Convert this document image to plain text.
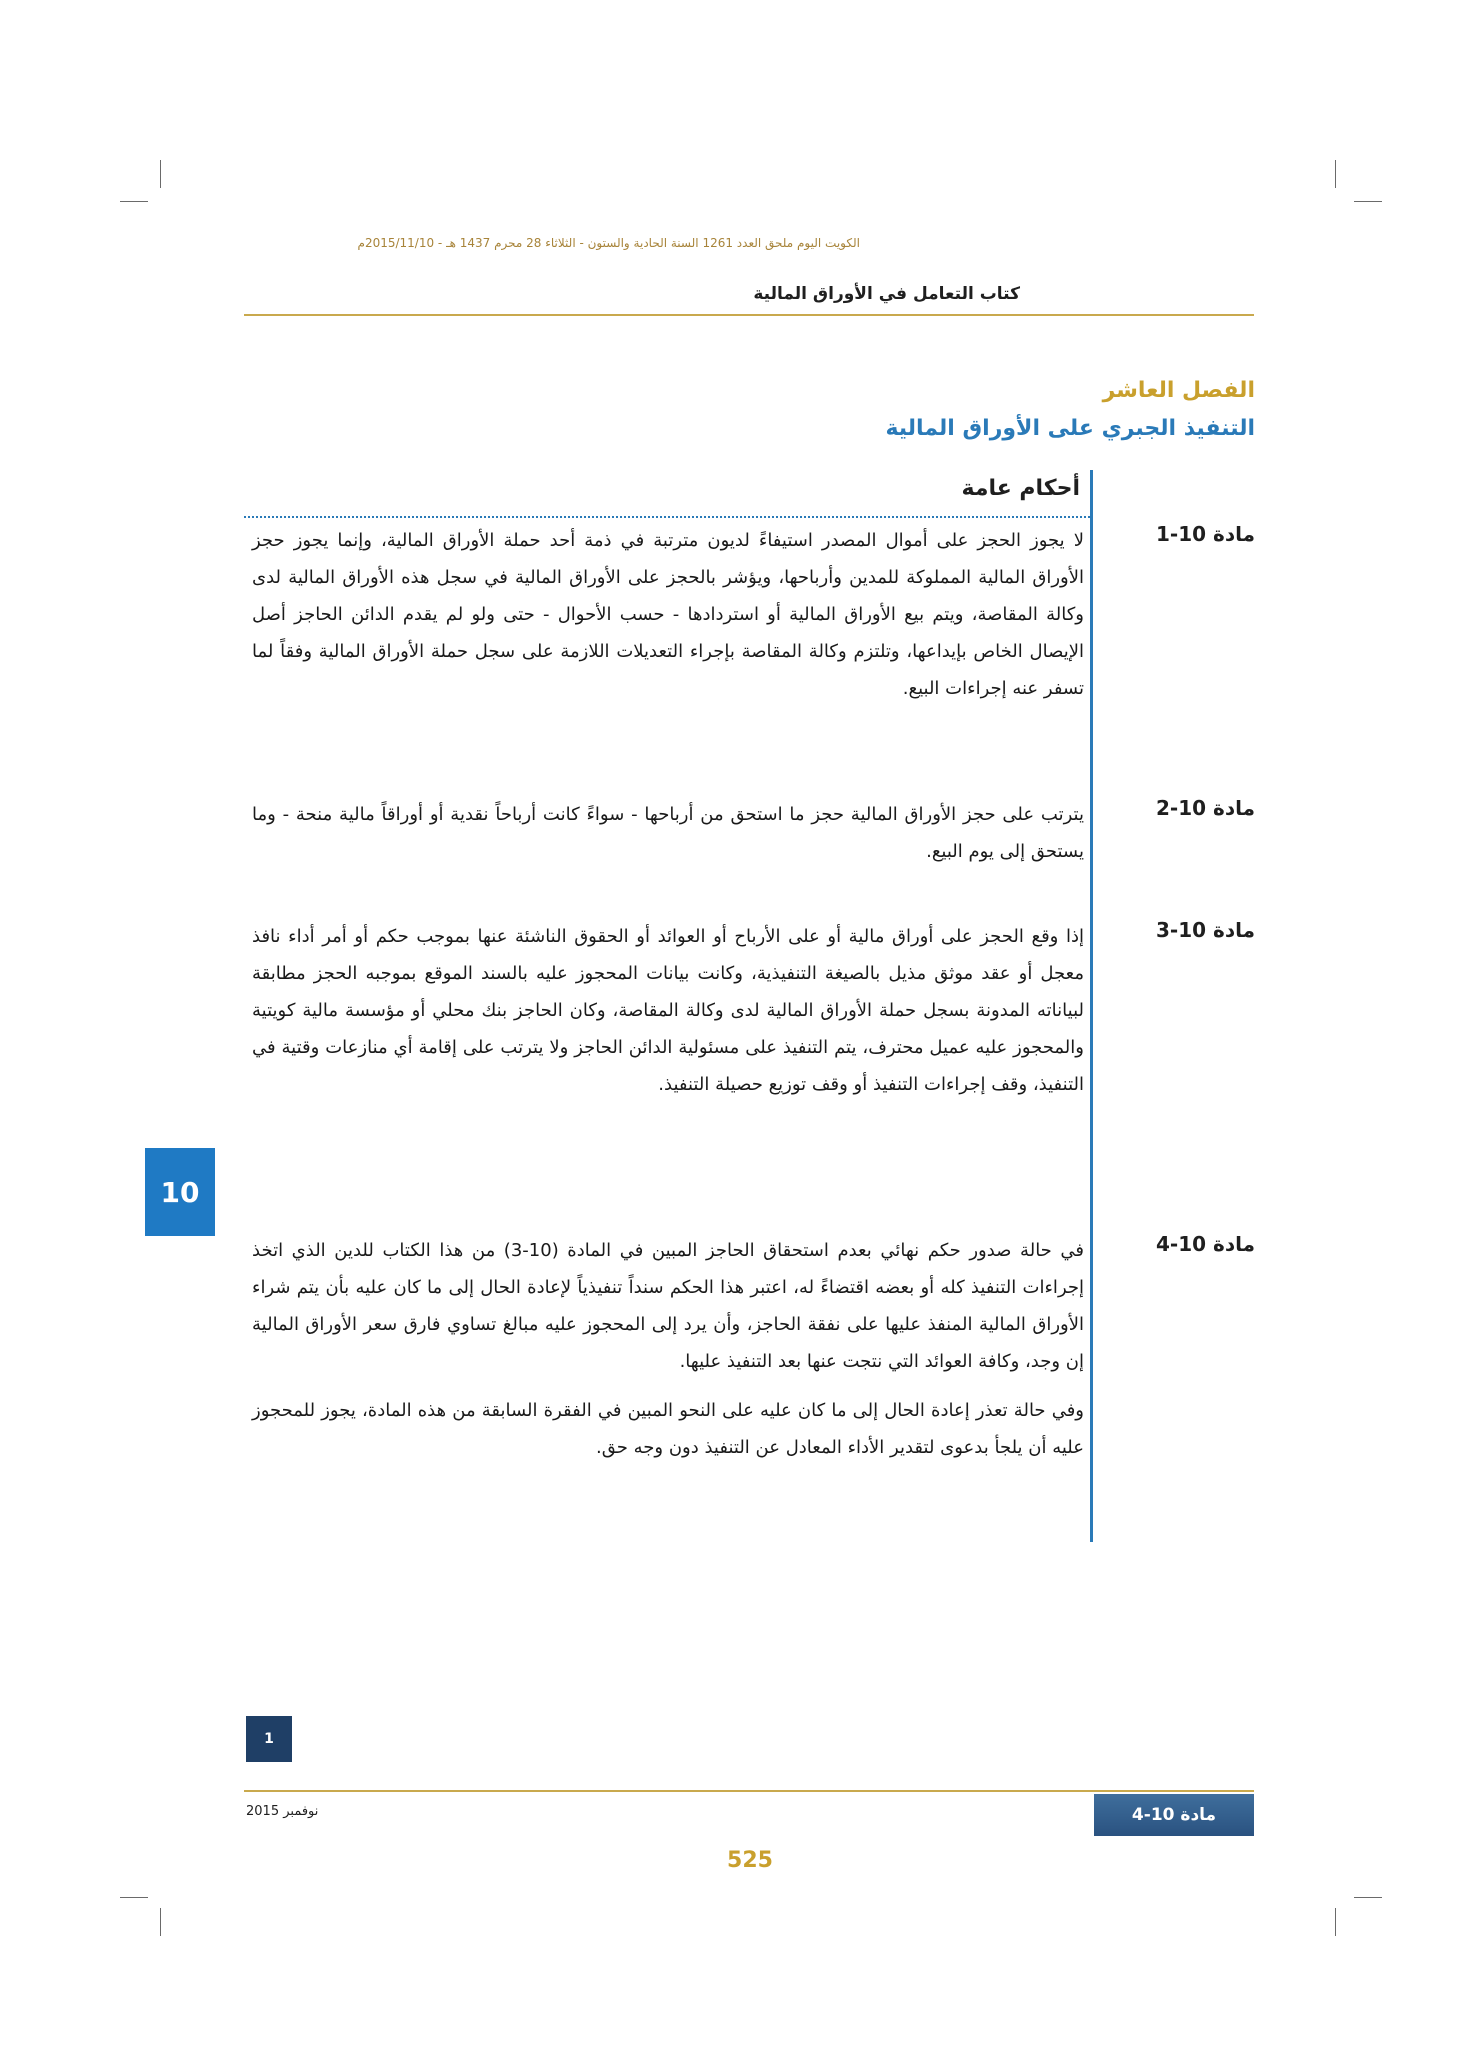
الكويت اليوم ملحق العدد 1261 السنة الحادية والستون - الثلاثاء 28 محرم 1437 هـ - 2015/11/10م
كتاب التعامل في الأوراق المالية
الفصل العاشر
التنفيذ الجبري على الأوراق المالية
أحكام عامة
مادة 10-1

لا يجوز الحجز على أموال المصدر استيفاءً لديون مترتبة في ذمة أحد حملة الأوراق المالية، وإنما يجوز حجز الأوراق المالية المملوكة للمدين وأرباحها، ويؤشر بالحجز على الأوراق المالية في سجل هذه الأوراق المالية لدى وكالة المقاصة، ويتم بيع الأوراق المالية أو استردادها - حسب الأحوال - حتى ولو لم يقدم الدائن الحاجز أصل الإيصال الخاص بإيداعها، وتلتزم وكالة المقاصة بإجراء التعديلات اللازمة على سجل حملة الأوراق المالية وفقاً لما تسفر عنه إجراءات البيع.

مادة 10-2

يترتب على حجز الأوراق المالية حجز ما استحق من أرباحها - سواءً كانت أرباحاً نقدية أو أوراقاً مالية منحة - وما يستحق إلى يوم البيع.

مادة 10-3

إذا وقع الحجز على أوراق مالية أو على الأرباح أو العوائد أو الحقوق الناشئة عنها بموجب حكم أو أمر أداء نافذ معجل أو عقد موثق مذيل بالصيغة التنفيذية، وكانت بيانات المحجوز عليه بالسند الموقع بموجبه الحجز مطابقة لبياناته المدونة بسجل حملة الأوراق المالية لدى وكالة المقاصة، وكان الحاجز بنك محلي أو مؤسسة مالية كويتية والمحجوز عليه عميل محترف، يتم التنفيذ على مسئولية الدائن الحاجز ولا يترتب على إقامة أي منازعات وقتية في التنفيذ، وقف إجراءات التنفيذ أو وقف توزيع حصيلة التنفيذ.

مادة 10-4

في حالة صدور حكم نهائي بعدم استحقاق الحاجز المبين في المادة (10-3) من هذا الكتاب للدين الذي اتخذ إجراءات التنفيذ كله أو بعضه اقتضاءً له، اعتبر هذا الحكم سنداً تنفيذياً لإعادة الحال إلى ما كان عليه بأن يتم شراء الأوراق المالية المنفذ عليها على نفقة الحاجز، وأن يرد إلى المحجوز عليه مبالغ تساوي فارق سعر الأوراق المالية إن وجد، وكافة العوائد التي نتجت عنها بعد التنفيذ عليها.

وفي حالة تعذر إعادة الحال إلى ما كان عليه على النحو المبين في الفقرة السابقة من هذه المادة، يجوز للمحجوز عليه أن يلجأ بدعوى لتقدير الأداء المعادل عن التنفيذ دون وجه حق.

10
1
مادة 10-4
نوفمبر 2015
525
